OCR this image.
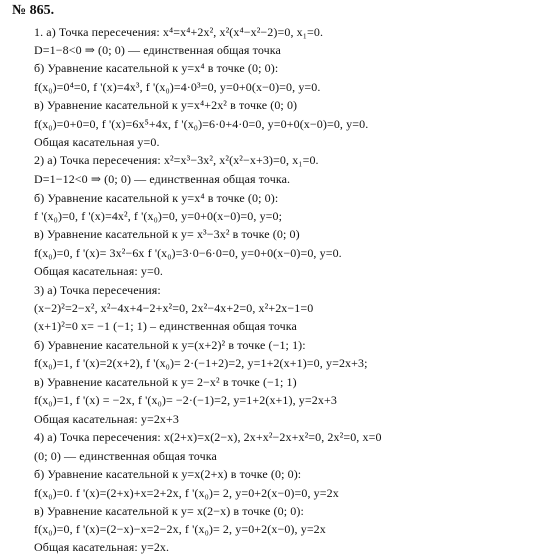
№ 865.
1. а) Точка пересечения: x⁴=x⁴+2x², x²(x⁴−x²−2)=0, x₁=0.
D=1−8<0 ⇒ (0; 0) — единственная общая точка
б) Уравнение касательной к y=x⁴ в точке (0; 0):
f(x₀)=0⁴=0, f '(x)=4x³, f '(x₀)=4·0³=0, y=0+0(x−0)=0, y=0.
в) Уравнение касательной к y=x⁴+2x² в точке (0; 0)
f(x₀)=0+0=0, f '(x)=6x⁵+4x, f '(x₀)=6·0+4·0=0, y=0+0(x−0)=0, y=0.
Общая касательная y=0.
2) а) Точка пересечения: x²=x³−3x², x²(x²−x+3)=0, x₁=0.
D=1−12<0 ⇒ (0; 0) — единственная общая точка.
б) Уравнение касательной к y=x⁴ в точке (0; 0):
f '(x₀)=0, f '(x)=4x², f '(x₀)=0, y=0+0(x−0)=0, y=0;
в) Уравнение касательной к y= x³−3x² в точке (0; 0)
f(x₀)=0, f '(x)= 3x²−6x f '(x₀)=3·0−6·0=0, y=0+0(x−0)=0, y=0.
Общая касательная: y=0.
3) а) Точка пересечения:
(x−2)²=2−x², x²−4x+4−2+x²=0, 2x²−4x+2=0, x²+2x−1=0
(x+1)²=0 x= −1 (−1; 1) – единственная общая точка
б) Уравнение касательной к y=(x+2)² в точке (−1; 1):
f(x₀)=1, f '(x)=2(x+2), f '(x₀)= 2·(−1+2)=2, y=1+2(x+1)=0, y=2x+3;
в) Уравнение касательной к y= 2−x² в точке (−1; 1)
f(x₀)=1, f '(x) = −2x, f '(x₀)= −2·(−1)=2, y=1+2(x+1), y=2x+3
Общая касательная: y=2x+3
4) а) Точка пересечения: x(2+x)=x(2−x), 2x+x²−2x+x²=0, 2x²=0, x=0
(0; 0) — единственная общая точка
б) Уравнение касательной к y=x(2+x) в точке (0; 0):
f(x₀)=0. f '(x)=(2+x)+x=2+2x, f '(x₀)= 2, y=0+2(x−0)=0, y=2x
в) Уравнение касательной к y= x(2−x) в точке (0; 0):
f(x₀)=0, f '(x)=(2−x)−x=2−2x, f '(x₀)= 2, y=0+2(x−0), y=2x
Общая касательная: y=2x.
